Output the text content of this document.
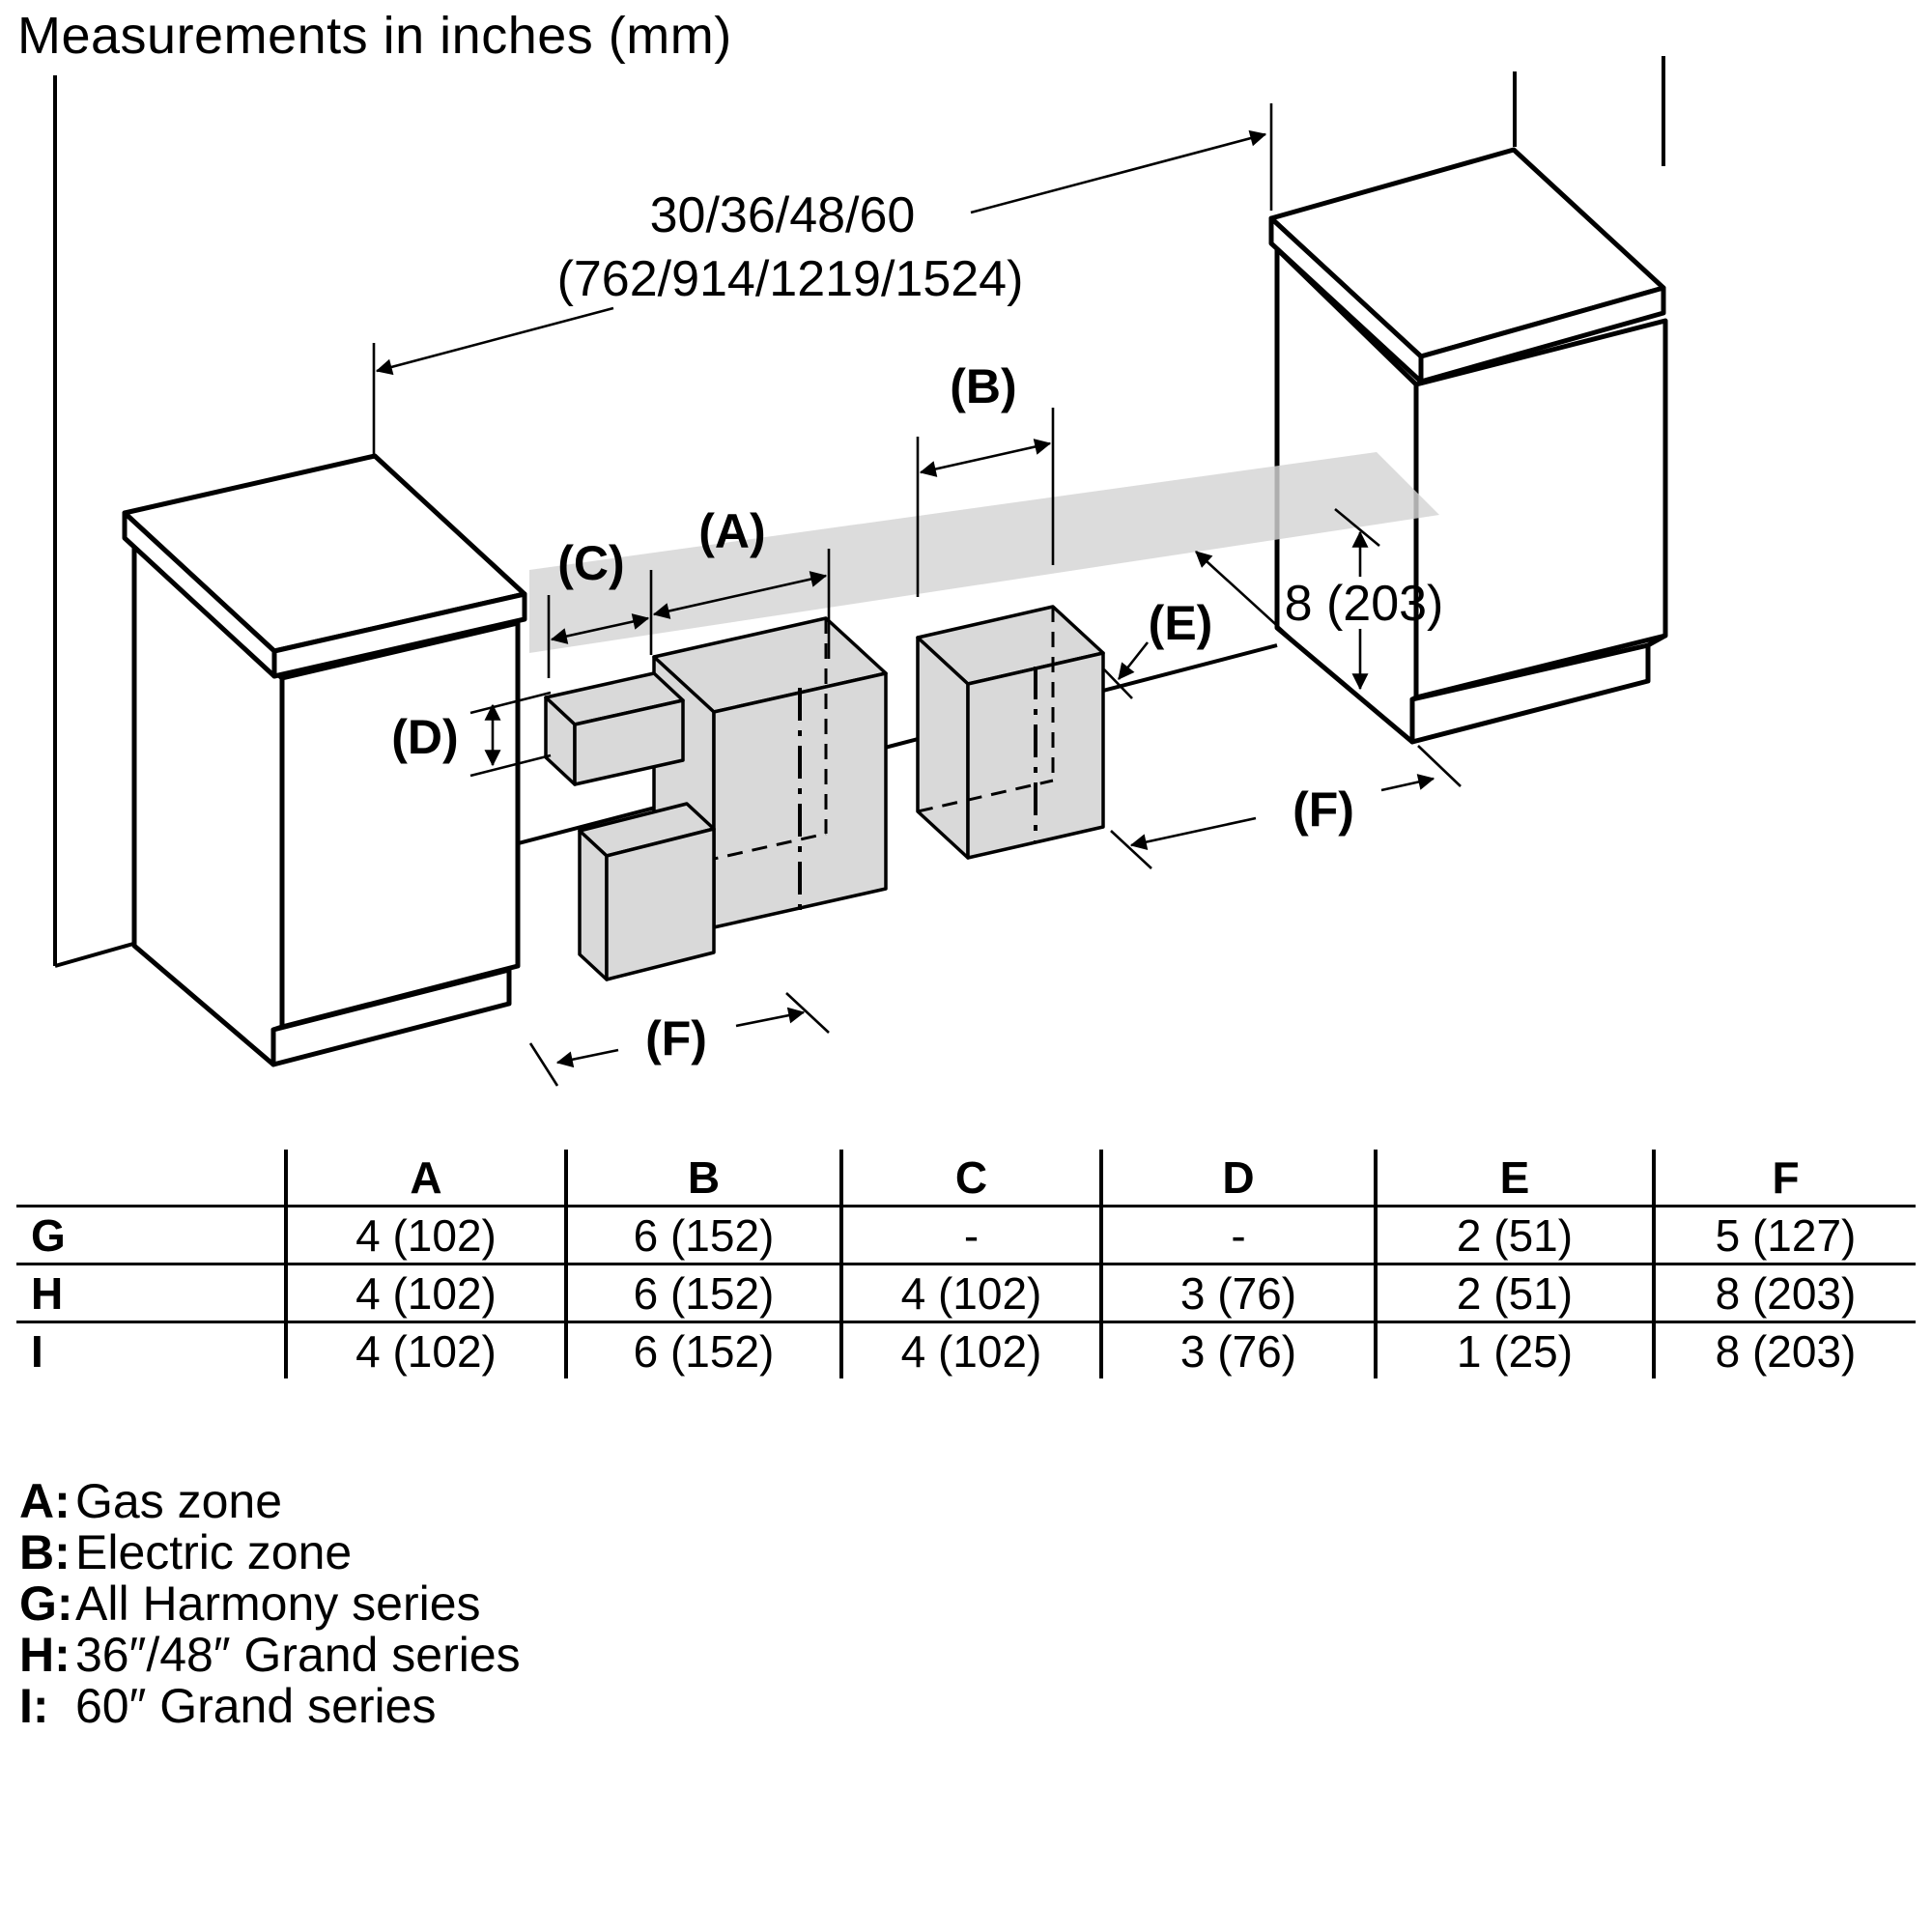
Measurements in inches (mm)
30/36/48/60
(762/914/1219/1524)
(C)
(A)
(B)
(D)
(E)
(F)
(F)
8 (203)
	A	B	C	D	E	F
G	4 (102)	6 (152)	-	-	2 (51)	5 (127)
H	4 (102)	6 (152)	4 (102)	3 (76)	2 (51)	8 (203)
I	4 (102)	6 (152)	4 (102)	3 (76)	1 (25)	8 (203)
A: Gas zone
B: Electric zone
G:All Harmony series
H: 36″/48″ Grand series
I: 60″ Grand series
